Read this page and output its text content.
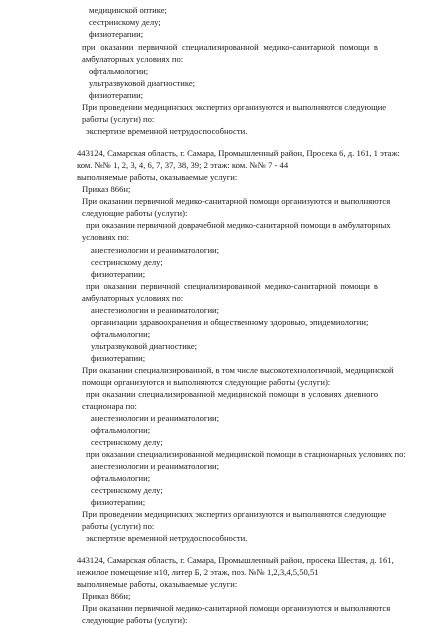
медицинской оптике;
сестринскому делу;
физиотерапии;
при оказании первичной специализированной медико-санитарной помощи в
амбулаторных условиях по:
офтальмологии;
ультразвуковой диагностике;
физиотерапии;
При проведении медицинских экспертиз организуются и выполняются следующие
работы (услуги) по:
экспертизе временной нетрудоспособности.
443124, Самарская область, г. Самара, Промышленный район, Просека 6, д. 161, 1 этаж:
ком. №№ 1, 2, 3, 4, 6, 7, 37, 38, 39; 2 этаж: ком. №№ 7 - 44
выполняемые работы, оказываемые услуги:
Приказ 866н;
При оказании первичной медико-санитарной помощи организуются и выполняются
следующие работы (услуги):
при оказании первичной доврачебной медико-санитарной помощи в амбулаторных
условиях по:
анестезиологии и реаниматологии;
сестринскому делу;
физиотерапии;
при оказании первичной специализированной медико-санитарной помощи в
амбулаторных условиях по:
анестезиологии и реаниматологии;
организации здравоохранения и общественному здоровью, эпидемиологии;
офтальмологии;
ультразвуковой диагностике;
физиотерапии;
При оказании специализированной, в том числе высокотехнологичной, медицинской
помощи организуются и выполняются следующие работы (услуги):
при оказании специализированной медицинской помощи в условиях дневного
стационара по:
анестезиологии и реаниматологии;
офтальмологии;
сестринскому делу;
при оказании специализированной медицинской помощи в стационарных условиях по:
анестезиологии и реаниматологии;
офтальмологии;
сестринскому делу;
физиотерапии;
При проведении медицинских экспертиз организуются и выполняются следующие
работы (услуги) по:
экспертизе временной нетрудоспособности.
443124, Самарская область, г. Самара, Промышленный район, просека Шестая, д. 161,
нежилое помещение н10, литер Б, 2 этаж, поз. №№ 1,2,3,4,5,50,51
выполняемые работы, оказываемые услуги:
Приказ 866н;
При оказании первичной медико-санитарной помощи организуются и выполняются
следующие работы (услуги):
